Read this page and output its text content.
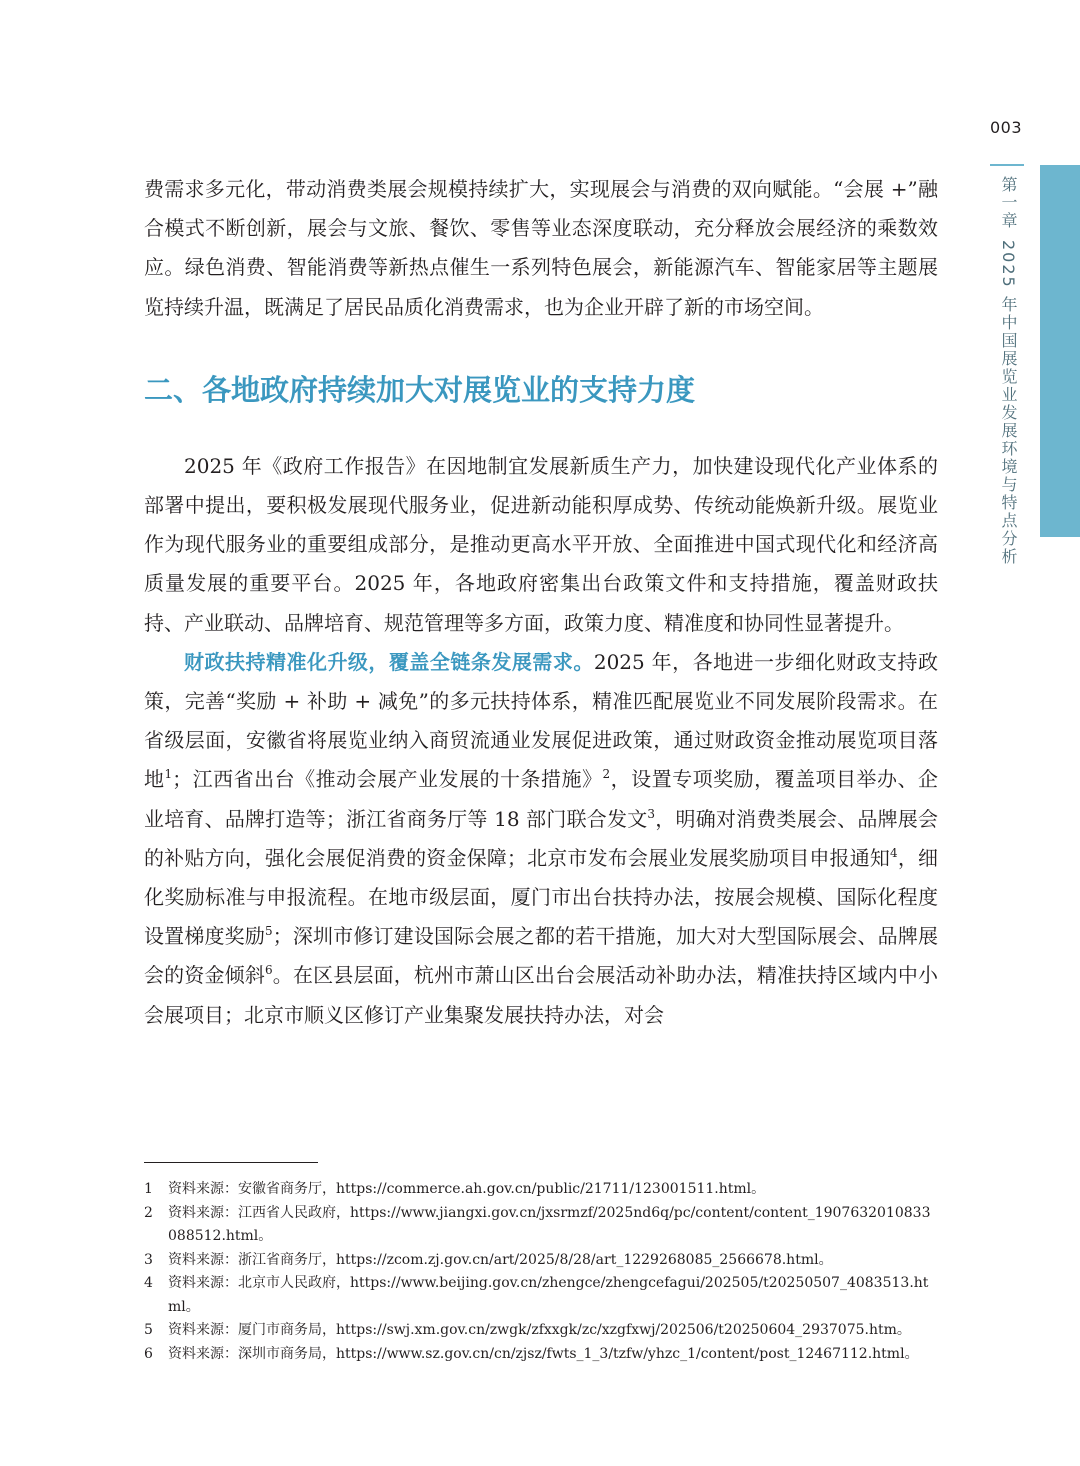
003
第一章2025 年中国展览业发展环境与特点分析

费需求多元化，带动消费类展会规模持续扩大，实现展会与消费的双向赋能。“会展 +”融合模式不断创新，展会与文旅、餐饮、零售等业态深度联动，充分释放会展经济的乘数效应。绿色消费、智能消费等新热点催生一系列特色展会，新能源汽车、智能家居等主题展览持续升温，既满足了居民品质化消费需求，也为企业开辟了新的市场空间。

二、各地政府持续加大对展览业的支持力度

2025 年《政府工作报告》在因地制宜发展新质生产力，加快建设现代化产业体系的部署中提出，要积极发展现代服务业，促进新动能积厚成势、传统动能焕新升级。展览业作为现代服务业的重要组成部分，是推动更高水平开放、全面推进中国式现代化和经济高质量发展的重要平台。2025 年，各地政府密集出台政策文件和支持措施，覆盖财政扶持、产业联动、品牌培育、规范管理等多方面，政策力度、精准度和协同性显著提升。

财政扶持精准化升级，覆盖全链条发展需求。2025 年，各地进一步细化财政支持政策，完善“奖励 + 补助 + 减免”的多元扶持体系，精准匹配展览业不同发展阶段需求。在省级层面，安徽省将展览业纳入商贸流通业发展促进政策，通过财政资金推动展览项目落地$^1$；江西省出台《推动会展产业发展的十条措施》$^2$，设置专项奖励，覆盖项目举办、企业培育、品牌打造等；浙江省商务厅等 18 部门联合发文$^3$，明确对消费类展会、品牌展会的补贴方向，强化会展促消费的资金保障；北京市发布会展业发展奖励项目申报通知$^4$，细化奖励标准与申报流程。在地市级层面，厦门市出台扶持办法，按展会规模、国际化程度设置梯度奖励$^5$；深圳市修订建设国际会展之都的若干措施，加大对大型国际展会、品牌展会的资金倾斜$^6$。在区县层面，杭州市萧山区出台会展活动补助办法，精准扶持区域内中小会展项目；北京市顺义区修订产业集聚发展扶持办法，对会

1	资料来源：安徽省商务厅，https://commerce.ah.gov.cn/public/21711/123001511.html。
2	资料来源：江西省人民政府，https://www.jiangxi.gov.cn/jxsrmzf/2025nd6q/pc/content/content_1907632010833088512.html。
3	资料来源：浙江省商务厅，https://zcom.zj.gov.cn/art/2025/8/28/art_1229268085_2566678.html。
4	资料来源：北京市人民政府，https://www.beijing.gov.cn/zhengce/zhengcefagui/202505/t20250507_4083513.html。
5	资料来源：厦门市商务局，https://swj.xm.gov.cn/zwgk/zfxxgk/zc/xzgfxwj/202506/t20250604_2937075.htm。
6	资料来源：深圳市商务局，https://www.sz.gov.cn/cn/zjsz/fwts_1_3/tzfw/yhzc_1/content/post_12467112.html。
